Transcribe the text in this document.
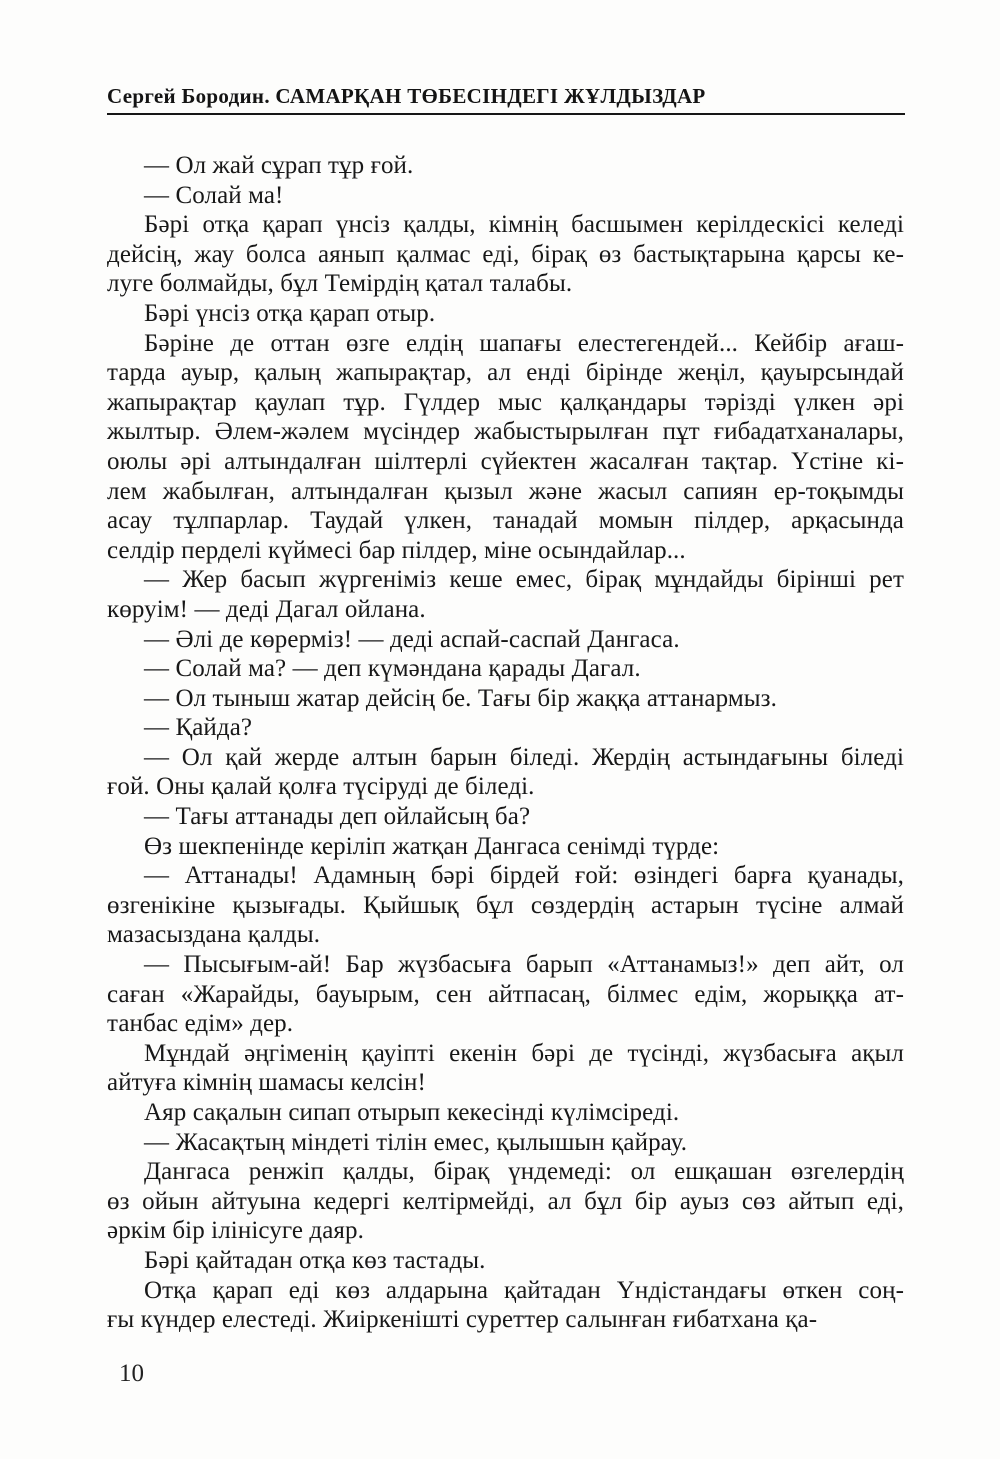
Сергей Бородин. САМАРҚАН ТӨБЕСІНДЕГІ ЖҰЛДЫЗДАР
— Ол жай сұрап тұр ғой.
— Солай ма!
Бәрі отқа қарап үнсіз қалды, кімнің басшымен керілдескісі келеді
дейсің, жау болса аянып қалмас еді, бірақ өз бастықтарына қарсы ке-
луге болмайды, бұл Темірдің қатал талабы.
Бәрі үнсіз отқа қарап отыр.
Бәріне де оттан өзге елдің шапағы елестегендей... Кейбір ағаш-
тарда ауыр, қалың жапырақтар, ал енді бірінде жеңіл, қауырсындай
жапырақтар қаулап тұр. Гүлдер мыс қалқандары тәрізді үлкен әрі
жылтыр. Әлем-жәлем мүсіндер жабыстырылған пұт ғибадатханалары,
оюлы әрі алтындалған шілтерлі сүйектен жасалған тақтар. Үстіне кі-
лем жабылған, алтындалған қызыл және жасыл сапиян ер-тоқымды
асау тұлпарлар. Таудай үлкен, танадай момын пілдер, арқасында
селдір перделі күймесі бар пілдер, міне осындайлар...
— Жер басып жүргеніміз кеше емес, бірақ мұндайды бірінші рет
көруім! — деді Дагал ойлана.
— Әлі де көрерміз! — деді аспай-саспай Дангаса.
— Солай ма? — деп күмәндана қарады Дагал.
— Ол тыныш жатар дейсің бе. Тағы бір жаққа аттанармыз.
— Қайда?
— Ол қай жерде алтын барын біледі. Жердің астындағыны біледі
ғой. Оны қалай қолға түсіруді де біледі.
— Тағы аттанады деп ойлайсың ба?
Өз шекпенінде керіліп жатқан Дангаса сенімді түрде:
— Аттанады! Адамның бәрі бірдей ғой: өзіндегі барға қуанады,
өзгенікіне қызығады. Қыйшық бұл сөздердің астарын түсіне алмай
мазасыздана қалды.
— Пысығым-ай! Бар жүзбасыға барып «Аттанамыз!» деп айт, ол
саған «Жарайды, бауырым, сен айтпасаң, білмес едім, жорыққа ат-
танбас едім» дер.
Мұндай әңгіменің қауіпті екенін бәрі де түсінді, жүзбасыға ақыл
айтуға кімнің шамасы келсін!
Аяр сақалын сипап отырып кекесінді күлімсіреді.
— Жасақтың міндеті тілін емес, қылышын қайрау.
Дангаса ренжіп қалды, бірақ үндемеді: ол ешқашан өзгелердің
өз ойын айтуына кедергі келтірмейді, ал бұл бір ауыз сөз айтып еді,
әркім бір ілінісуге даяр.
Бәрі қайтадан отқа көз тастады.
Отқа қарап еді көз алдарына қайтадан Үндістандағы өткен соң-
ғы күндер елестеді. Жиіркенішті суреттер салынған ғибатхана қа-
10
